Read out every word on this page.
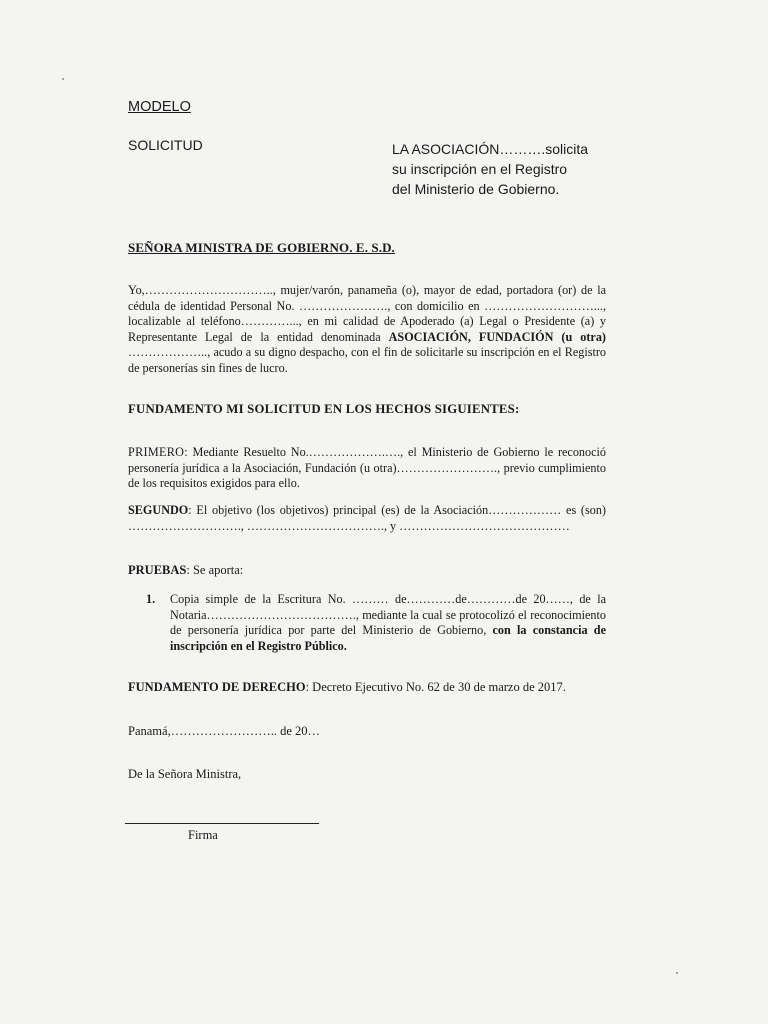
MODELO
SOLICITUD	LA ASOCIACIÓN……….solicita
su inscripción en el Registro
del Ministerio de Gobierno.
SEÑORA MINISTRA DE GOBIERNO. E. S.D.

Yo,………………………….., mujer/varón, panameña (o), mayor de edad, portadora (or) de la cédula de identidad Personal No. …………………., con domicilio en ………………………..., localizable al teléfono…………..., en mi calidad de Apoderado (a) Legal o Presidente (a) y Representante Legal de la entidad denominada ASOCIACIÓN, FUNDACIÓN (u otra) ……………….., acudo a su digno despacho, con el fin de solicitarle su inscripción en el Registro de personerías sin fines de lucro.

FUNDAMENTO MI SOLICITUD EN LOS HECHOS SIGUIENTES:

PRIMERO: Mediante Resuelto No.……………….…., el Ministerio de Gobierno le reconoció personería jurídica a la Asociación, Fundación (u otra)……………………., previo cumplimiento de los requisitos exigidos para ello.

SEGUNDO: El objetivo (los objetivos) principal (es) de la Asociación……………… es (son) ………………………., ……………………………., y ……………………………………

PRUEBAS: Se aporta:
1.	Copia simple de la Escritura No. ……… de…………de…………de 20……, de la Notaria………………………………., mediante la cual se protocolizó el reconocimiento de personería jurídica por parte del Ministerio de Gobierno, con la constancia de inscripción en el Registro Público.
FUNDAMENTO DE DERECHO: Decreto Ejecutivo No. 62 de 30 de marzo de 2017.
Panamá,…………………….. de 20…
De la Señora Ministra,
Firma
